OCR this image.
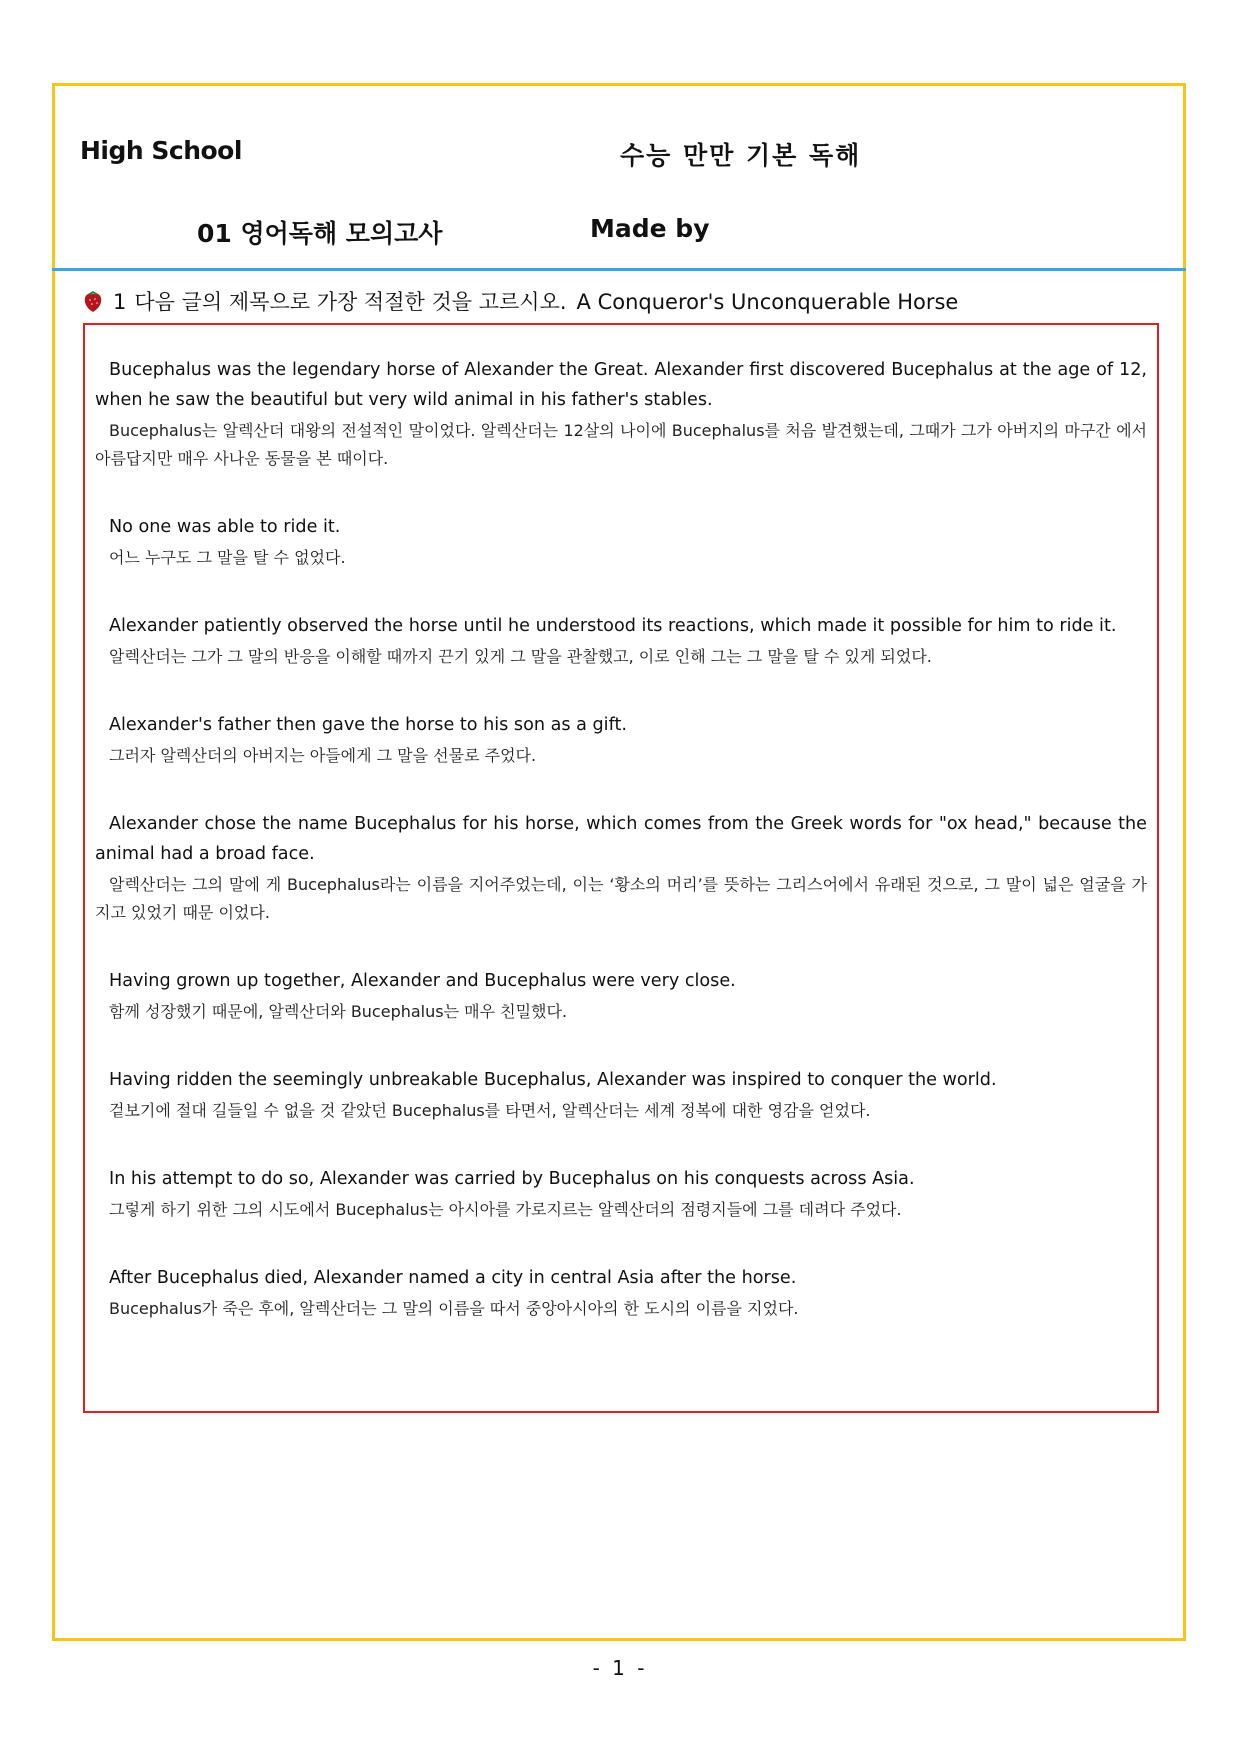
High School	수능 만만 기본 독해
01 영어독해 모의고사	Made by
1 다음 글의 제목으로 가장 적절한 것을 고르시오. A Conqueror's Unconquerable Horse

Bucephalus was the legendary horse of Alexander the Great. Alexander first discovered Bucephalus at the age of 12, when he saw the beautiful but very wild animal in his father's stables.

Bucephalus는 알렉산더 대왕의 전설적인 말이었다. 알렉산더는 12살의 나이에 Bucephalus를 처음 발견했는데, 그때가 그가 아버지의 마구간 에서 아름답지만 매우 사나운 동물을 본 때이다.

No one was able to ride it.

어느 누구도 그 말을 탈 수 없었다.

Alexander patiently observed the horse until he understood its reactions, which made it possible for him to ride it.

알렉산더는 그가 그 말의 반응을 이해할 때까지 끈기 있게 그 말을 관찰했고, 이로 인해 그는 그 말을 탈 수 있게 되었다.

Alexander's father then gave the horse to his son as a gift.

그러자 알렉산더의 아버지는 아들에게 그 말을 선물로 주었다.

Alexander chose the name Bucephalus for his horse, which comes from the Greek words for "ox head," because the animal had a broad face.

알렉산더는 그의 말에 게 Bucephalus라는 이름을 지어주었는데, 이는 ‘황소의 머리’를 뜻하는 그리스어에서 유래된 것으로, 그 말이 넓은 얼굴을 가지고 있었기 때문 이었다.

Having grown up together, Alexander and Bucephalus were very close.

함께 성장했기 때문에, 알렉산더와 Bucephalus는 매우 친밀했다.

Having ridden the seemingly unbreakable Bucephalus, Alexander was inspired to conquer the world.

겉보기에 절대 길들일 수 없을 것 같았던 Bucephalus를 타면서, 알렉산더는 세계 정복에 대한 영감을 얻었다.

In his attempt to do so, Alexander was carried by Bucephalus on his conquests across Asia.

그렇게 하기 위한 그의 시도에서 Bucephalus는 아시아를 가로지르는 알렉산더의 점령지들에 그를 데려다 주었다.

After Bucephalus died, Alexander named a city in central Asia after the horse.

Bucephalus가 죽은 후에, 알렉산더는 그 말의 이름을 따서 중앙아시아의 한 도시의 이름을 지었다.

- 1 -
